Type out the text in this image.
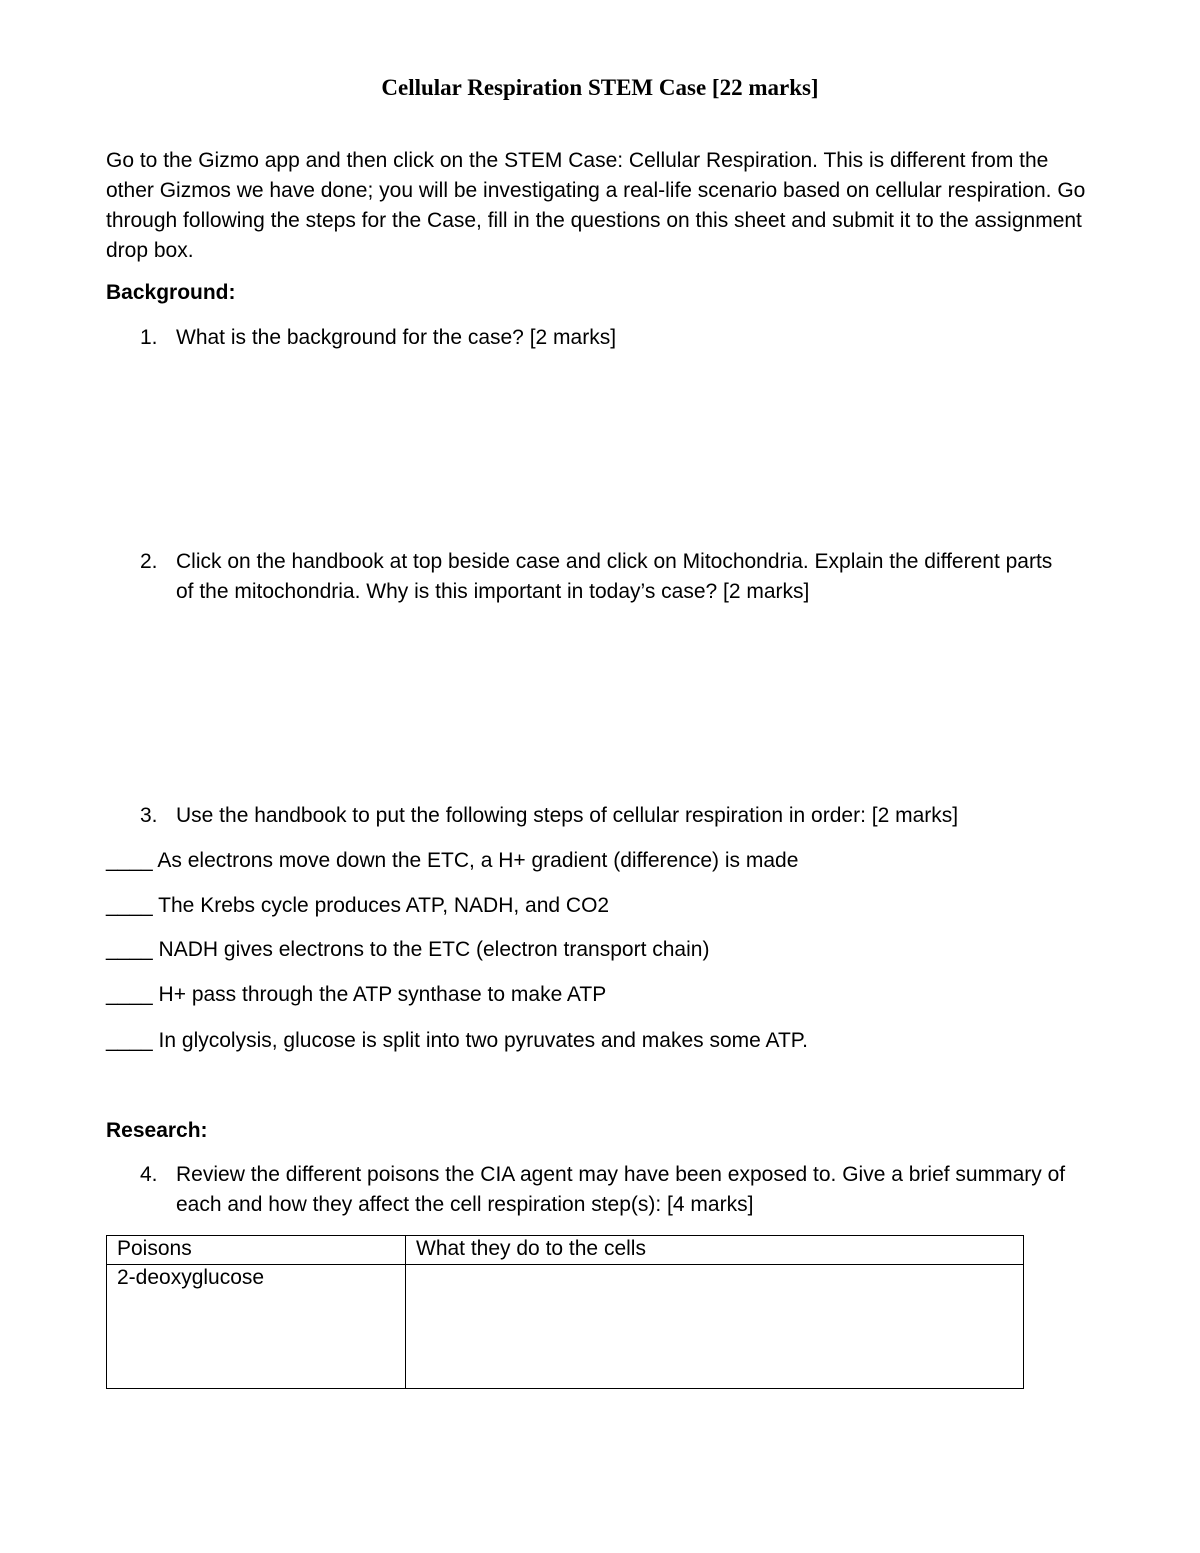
Cellular Respiration STEM Case [22 marks]

Go to the Gizmo app and then click on the STEM Case: Cellular Respiration. This is different from the other Gizmos we have done; you will be investigating a real-life scenario based on cellular respiration. Go through following the steps for the Case, fill in the questions on this sheet and submit it to the assignment drop box.

Background:

1. What is the background for the case? [2 marks]
2. Click on the handbook at top beside case and click on Mitochondria. Explain the different parts of the mitochondria. Why is this important in today’s case? [2 marks]
3. Use the handbook to put the following steps of cellular respiration in order: [2 marks]

____ As electrons move down the ETC, a H+ gradient (difference) is made

____ The Krebs cycle produces ATP, NADH, and CO2

____ NADH gives electrons to the ETC (electron transport chain)

____ H+ pass through the ATP synthase to make ATP

____ In glycolysis, glucose is split into two pyruvates and makes some ATP.

Research:

4. Review the different poisons the CIA agent may have been exposed to. Give a brief summary of each and how they affect the cell respiration step(s): [4 marks]
Poisons	What they do to the cells
2-deoxyglucose	
